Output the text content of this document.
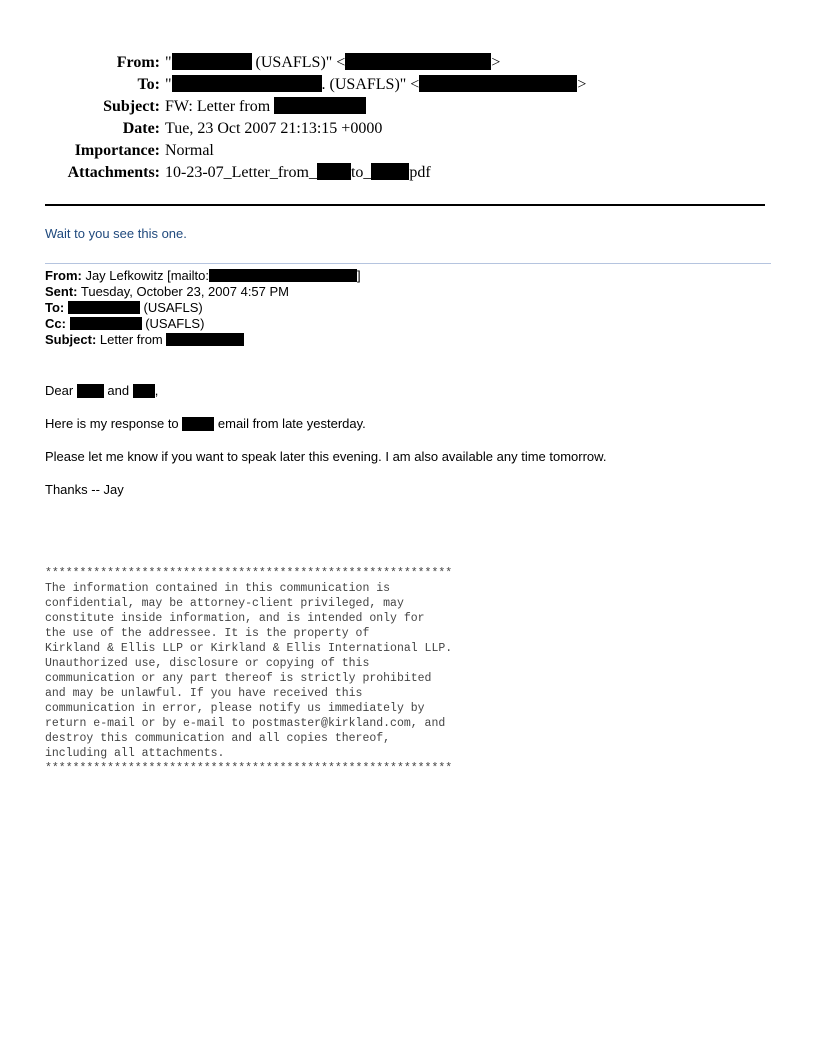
From: "	(USAFLS)" <	>
To: "	. (USAFLS)" <	>
Subject: FW: Letter from
Date: Tue, 23 Oct 2007 21:13:15 +0000
Importance: Normal
Attachments: 10-23-07_Letter_from_ to_ pdf
Wait to you see this one.
From: Jay Lefkowitz [mailto:	]
Sent: Tuesday, October 23, 2007 4:57 PM
To:	(USAFLS)
Cc:	(USAFLS)
Subject: Letter from
Dear  and ,
Here is my response to  email from late yesterday.
Please let me know if you want to speak later this evening. I am also available any time tomorrow.
Thanks -- Jay
***********************************************************
The information contained in this communication is
confidential, may be attorney-client privileged, may
constitute inside information, and is intended only for
the use of the addressee. It is the property of
Kirkland & Ellis LLP or Kirkland & Ellis International LLP.
Unauthorized use, disclosure or copying of this
communication or any part thereof is strictly prohibited
and may be unlawful. If you have received this
communication in error, please notify us immediately by
return e-mail or by e-mail to postmaster@kirkland.com, and
destroy this communication and all copies thereof,
including all attachments.
***********************************************************
